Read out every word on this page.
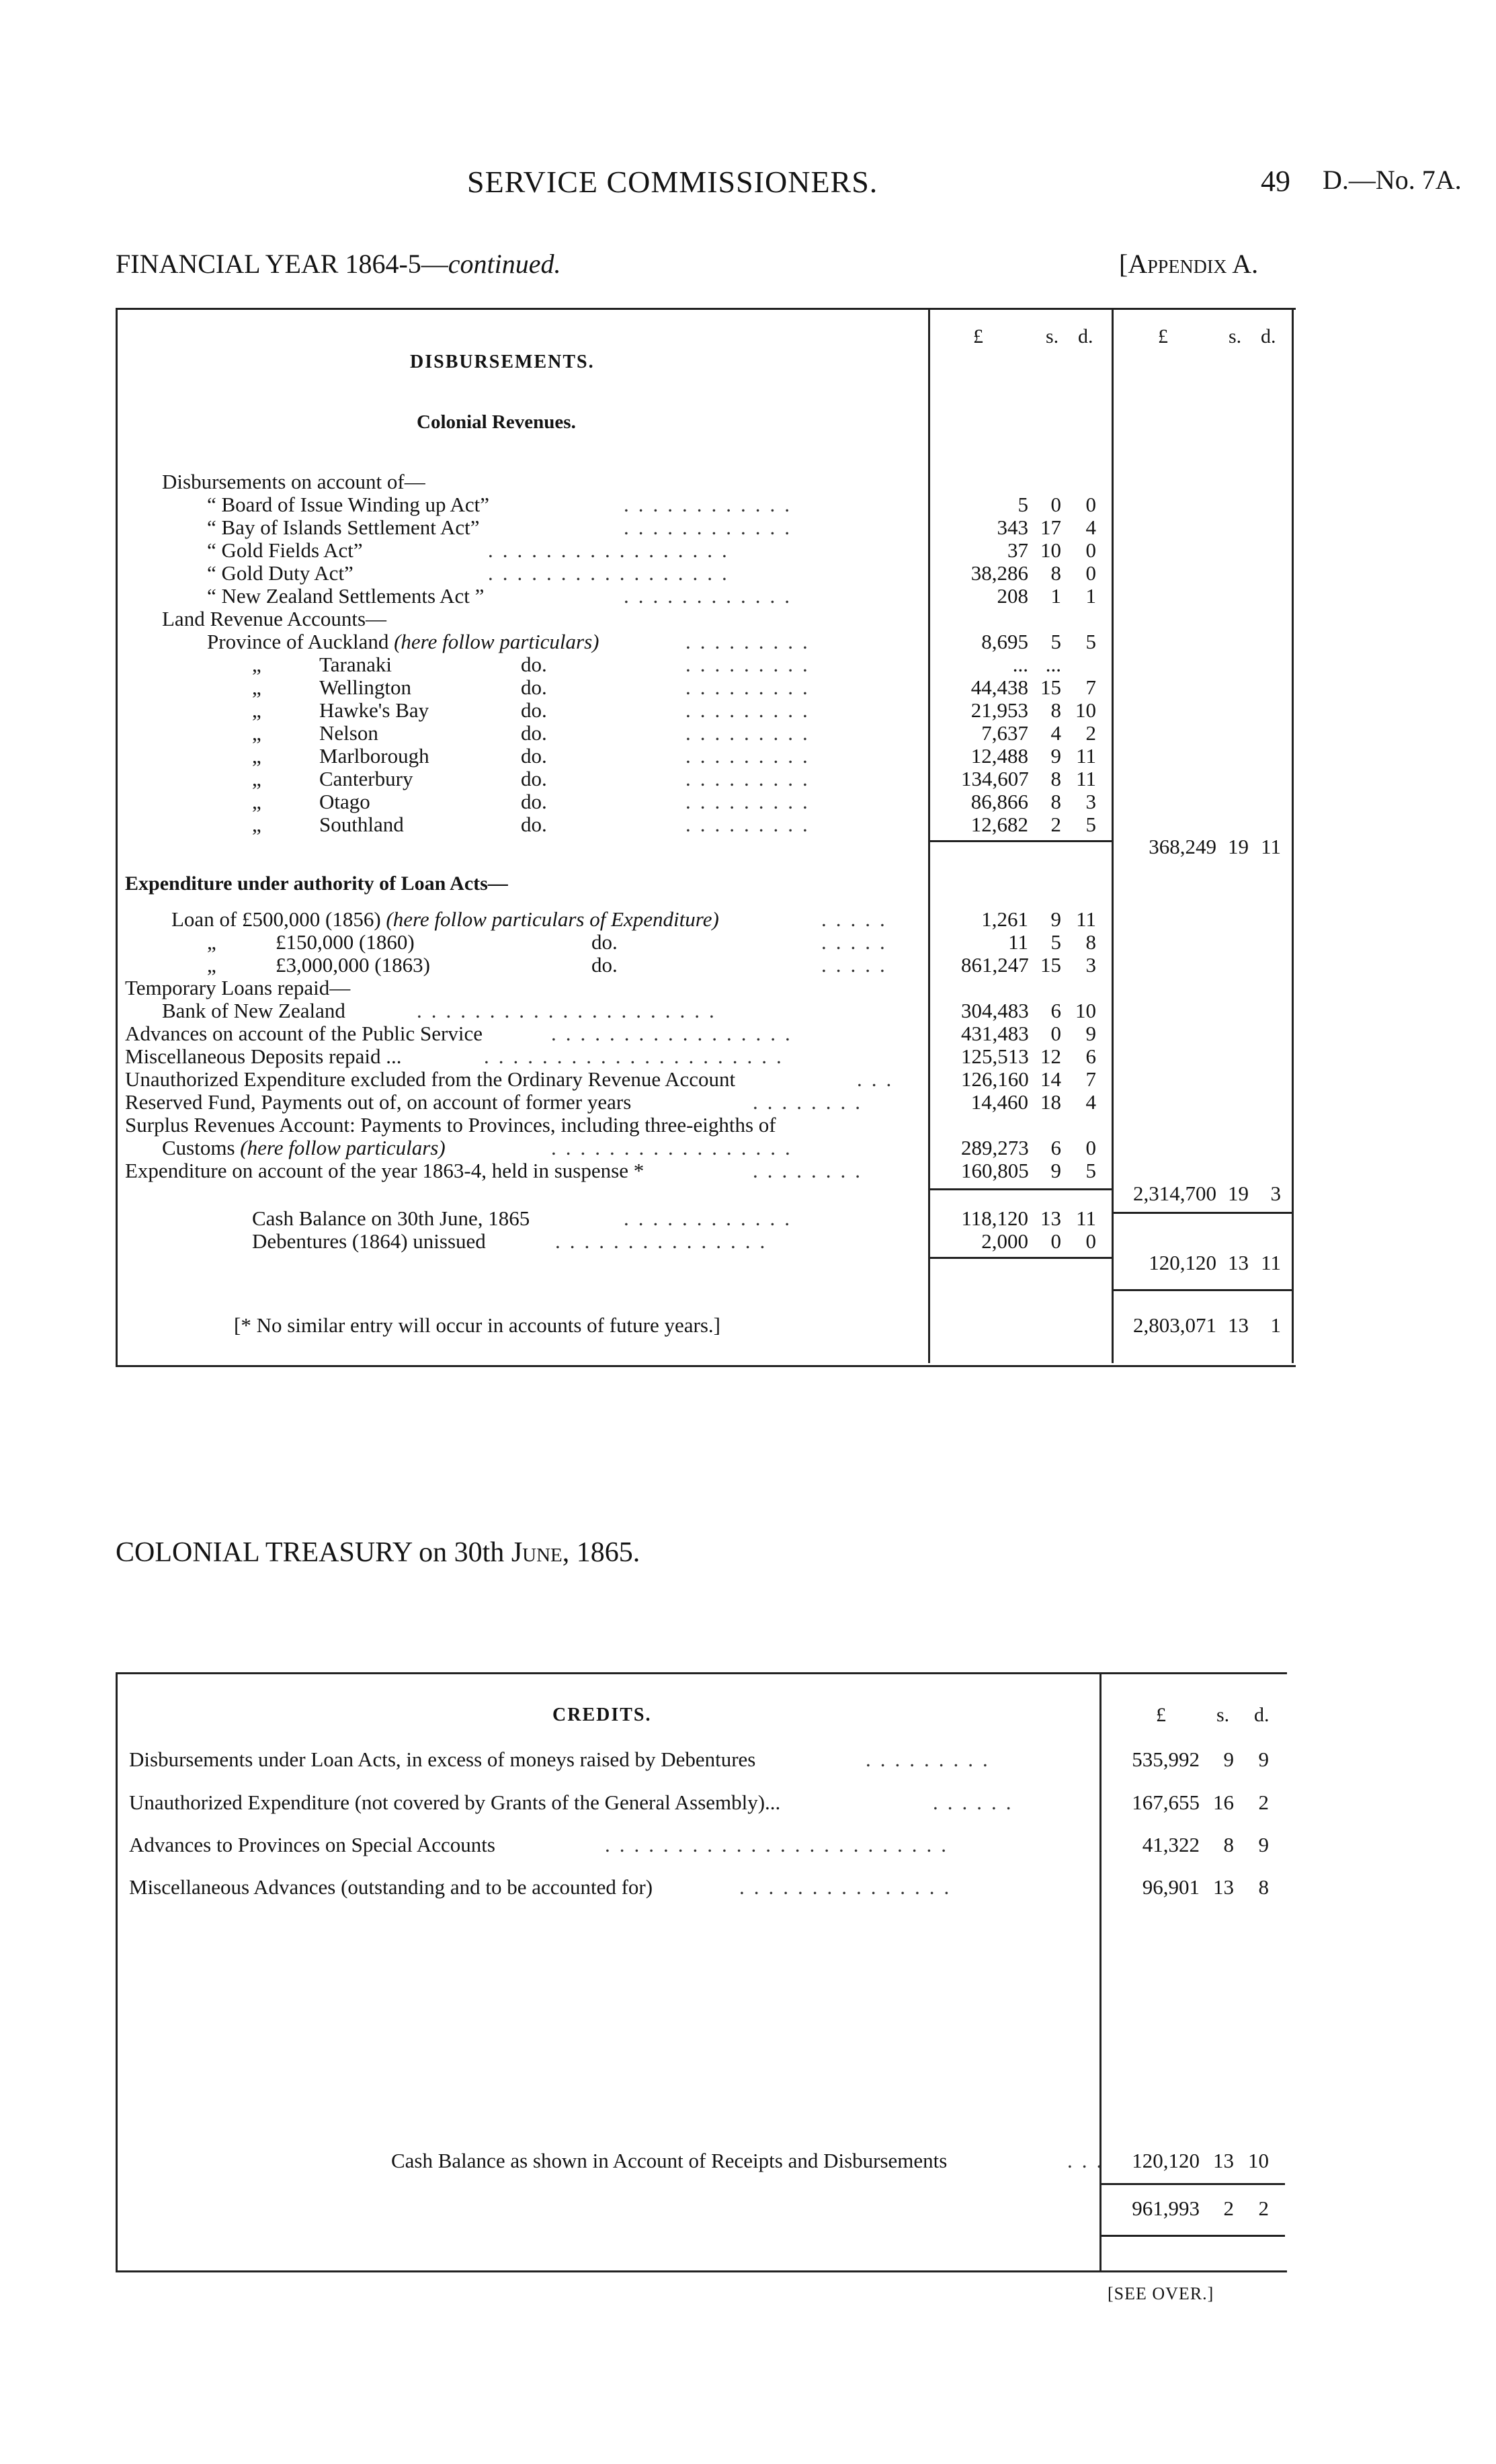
SERVICE COMMISSIONERS.	49 D.—No. 7A.
FINANCIAL YEAR 1864-5—continued.	[Appendix A.
£	s. d.	£	s. d.
DISBURSEMENTS.
Colonial Revenues.
Disbursements on account of—
“ Board of Issue Winding up Act”	............	5	0	0
“ Bay of Islands Settlement Act”	............	343 17	4
“ Gold Fields Act”	.................	37 10	0
“ Gold Duty Act”	.................	38,286	8	0
“ New Zealand Settlements Act ”	............	208	1	1
Land Revenue Accounts—
Province of Auckland (here follow particulars)	.........	8,695	5	5
„	Taranaki	do.	.........	... ...
„	Wellington	do.	.........	44,438 15	7
„	Hawke's Bay	do.	.........	21,953	8 10
„	Nelson	do.	.........	7,637	4	2
„	Marlborough	do.	.........	12,488	9 11
„	Canterbury	do.	.........	134,607	8 11
„	Otago	do.	.........	86,866	8	3
„	Southland	do.	.........	12,682	2	5
368,249 19 11
Expenditure under authority of Loan Acts—
Loan of £500,000 (1856) (here follow particulars of Expenditure)	.....	1,261	9 11
„	£150,000 (1860)	do.	.....	11	5	8
„	£3,000,000 (1863)	do.	.....	861,247 15	3
Temporary Loans repaid—
Bank of New Zealand	.....................	304,483	6 10
Advances on account of the Public Service	.................	431,483	0	9
Miscellaneous Deposits repaid ...	.....................	125,513 12	6
Unauthorized Expenditure excluded from the Ordinary Revenue Account	...	126,160 14	7
Reserved Fund, Payments out of, on account of former years	........	14,460 18	4
Surplus Revenues Account: Payments to Provinces, including three-eighths of
Customs (here follow particulars)	.................	289,273	6	0
Expenditure on account of the year 1863-4, held in suspense *	........	160,805	9	5
2,314,700 19	3
Cash Balance on 30th June, 1865	............	118,120 13 11
Debentures (1864) unissued	...............	2,000	0	0
120,120 13 11
[* No similar entry will occur in accounts of future years.]	2,803,071 13	1
COLONIAL TREASURY on 30th June, 1865.
£	s. d.
CREDITS.
Disbursements under Loan Acts, in excess of moneys raised by Debentures	.........	535,992	9	9
Unauthorized Expenditure (not covered by Grants of the General Assembly)...	......	167,655 16	2
Advances to Provinces on Special Accounts	........................	41,322	8	9
Miscellaneous Advances (outstanding and to be accounted for)	...............	96,901 13	8
Cash Balance as shown in Account of Receipts and Disbursements	...	120,120 13 10
961,993	2	2
[SEE OVER.]
